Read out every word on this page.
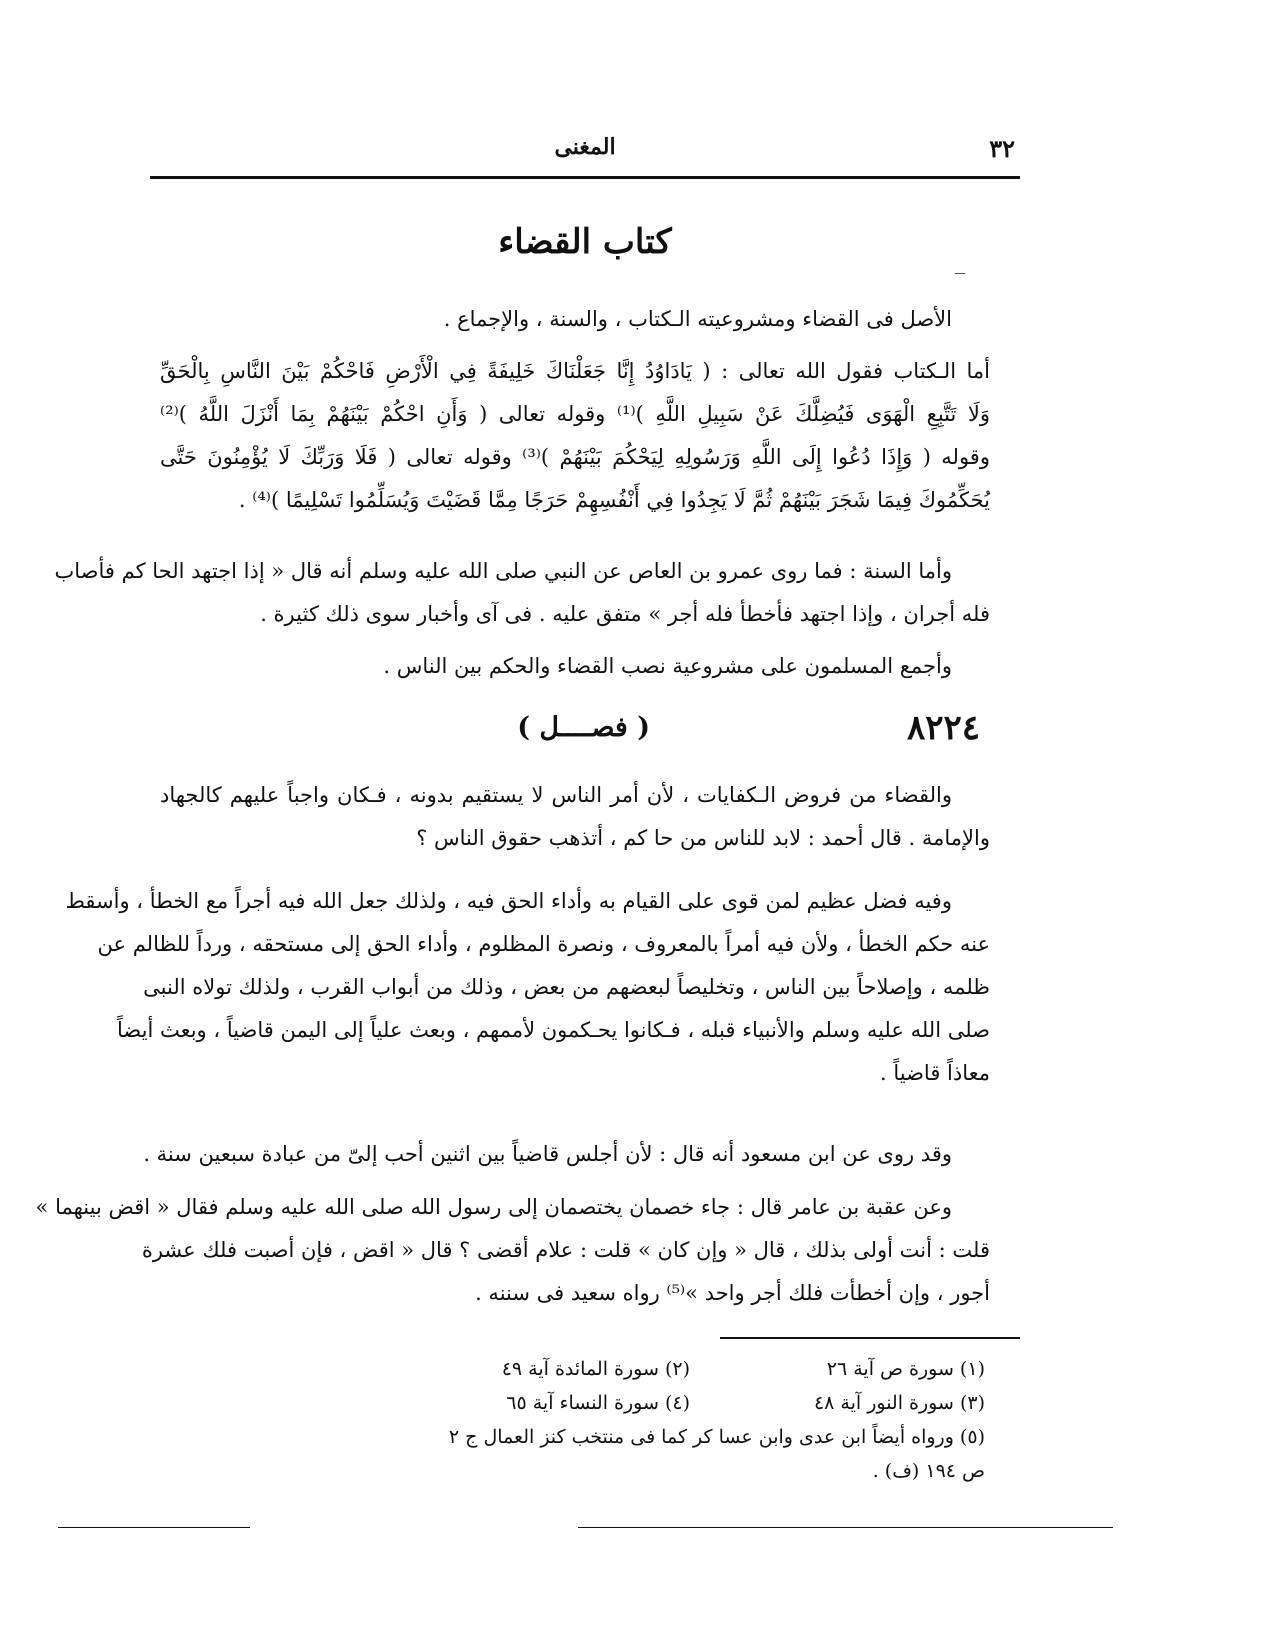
٣٢
المغنى
كتاب القضاء
الأصل فى القضاء ومشروعيته الـكتاب ، والسنة ، والإجماع .
أما الـكتاب فقول الله تعالى : ( يَادَاوُدُ إِنَّا جَعَلْنَاكَ خَلِيفَةً فِي الْأَرْضِ فَاحْكُمْ بَيْنَ النَّاسِ بِالْحَقِّ
وَلَا تَتَّبِعِ الْهَوَى فَيُضِلَّكَ عَنْ سَبِيلِ اللَّهِ )⁽¹⁾ وقوله تعالى ( وَأَنِ احْكُمْ بَيْنَهُمْ بِمَا أَنْزَلَ اللَّهُ )⁽²⁾
وقوله ( وَإِذَا دُعُوا إِلَى اللَّهِ وَرَسُولِهِ لِيَحْكُمَ بَيْنَهُمْ )⁽³⁾ وقوله تعالى ( فَلَا وَرَبِّكَ لَا يُؤْمِنُونَ حَتَّى
يُحَكِّمُوكَ فِيمَا شَجَرَ بَيْنَهُمْ ثُمَّ لَا يَجِدُوا فِي أَنْفُسِهِمْ حَرَجًا مِمَّا قَضَيْتَ وَيُسَلِّمُوا تَسْلِيمًا )⁽⁴⁾ .
وأما السنة : فما روى عمرو بن العاص عن النبي صلى الله عليه وسلم أنه قال « إذا اجتهد الحا كم فأصاب
فله أجران ، وإذا اجتهد فأخطأ فله أجر » متفق عليه . فى آى وأخبار سوى ذلك كثيرة .
وأجمع المسلمون على مشروعية نصب القضاء والحكم بين الناس .
٨٢٢٤
( فصــــل )
والقضاء من فروض الـكفايات ، لأن أمر الناس لا يستقيم بدونه ، فـكان واجباً عليهم كالجهاد
والإمامة . قال أحمد : لابد للناس من حا كم ، أتذهب حقوق الناس ؟
وفيه فضل عظيم لمن قوى على القيام به وأداء الحق فيه ، ولذلك جعل الله فيه أجراً مع الخطأ ، وأسقط
عنه حكم الخطأ ، ولأن فيه أمراً بالمعروف ، ونصرة المظلوم ، وأداء الحق إلى مستحقه ، ورداً للظالم عن
ظلمه ، وإصلاحاً بين الناس ، وتخليصاً لبعضهم من بعض ، وذلك من أبواب القرب ، ولذلك تولاه النبى
صلى الله عليه وسلم والأنبياء قبله ، فـكانوا يحـكمون لأممهم ، وبعث علياً إلى اليمن قاضياً ، وبعث أيضاً
معاذاً قاضياً .
وقد روى عن ابن مسعود أنه قال : لأن أجلس قاضياً بين اثنين أحب إلىّ من عبادة سبعين سنة .
وعن عقبة بن عامر قال : جاء خصمان يختصمان إلى رسول الله صلى الله عليه وسلم فقال « اقض بينهما »
قلت : أنت أولى بذلك ، قال « وإن كان » قلت : علام أقضى ؟ قال « اقض ، فإن أصبت فلك عشرة
أجور ، وإن أخطأت فلك أجر واحد »⁽⁵⁾ رواه سعيد فى سننه .
(١) سورة ص آية ٢٦
(٢) سورة المائدة آية ٤٩
(٣) سورة النور آية ٤٨
(٤) سورة النساء آية ٦٥
(٥) ورواه أيضاً ابن عدى وابن عسا كر كما فى منتخب كنز العمال ج ٢ ص ١٩٤ (ف) .
